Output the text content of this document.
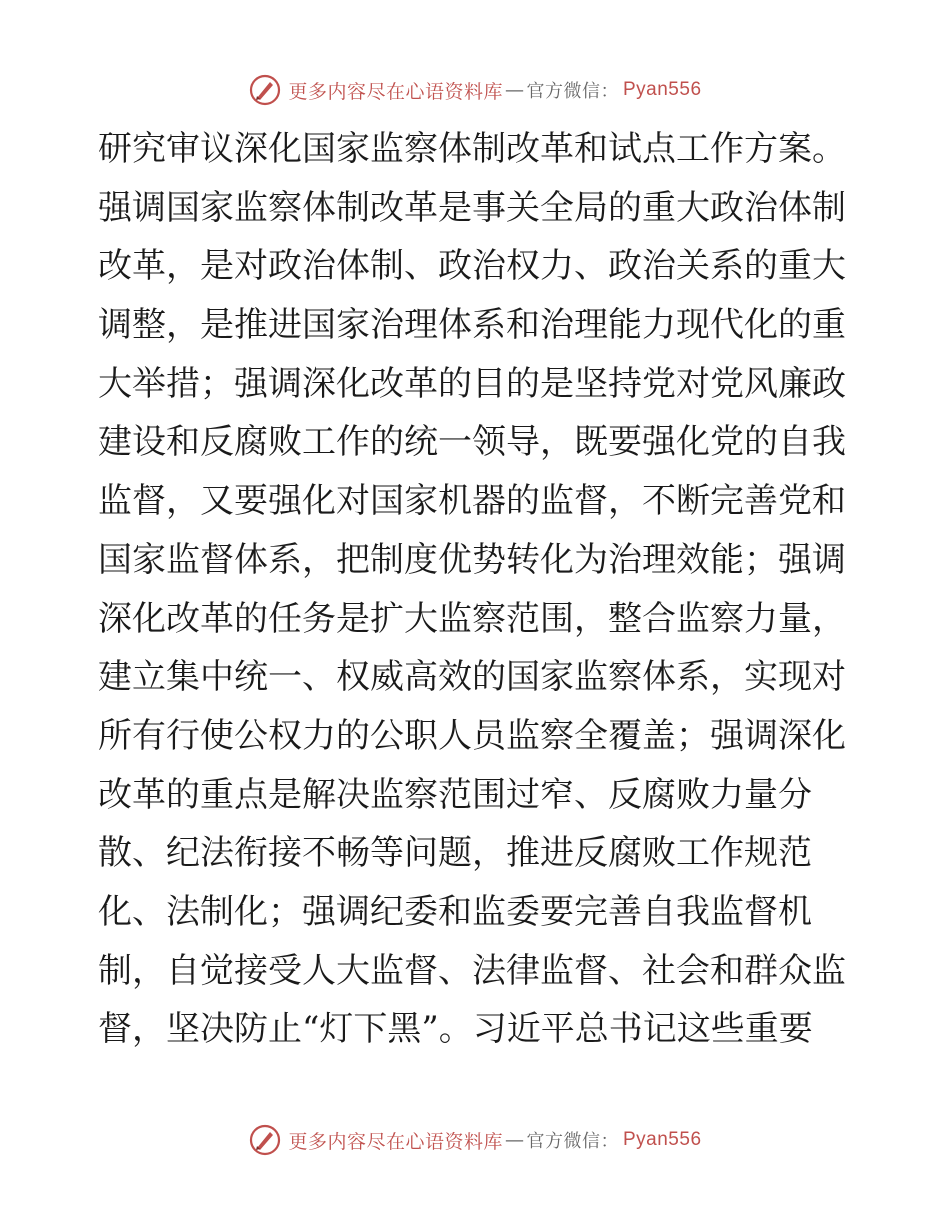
更多内容尽在心语资料库 — 官方微信： Pyan556
研究审议深化国家监察体制改革和试点工作方案。
强调国家监察体制改革是事关全局的重大政治体制
改革，是对政治体制、政治权力、政治关系的重大
调整，是推进国家治理体系和治理能力现代化的重
大举措；强调深化改革的目的是坚持党对党风廉政
建设和反腐败工作的统一领导，既要强化党的自我
监督，又要强化对国家机器的监督，不断完善党和
国家监督体系，把制度优势转化为治理效能；强调
深化改革的任务是扩大监察范围，整合监察力量，
建立集中统一、权威高效的国家监察体系，实现对
所有行使公权力的公职人员监察全覆盖；强调深化
改革的重点是解决监察范围过窄、反腐败力量分
散、纪法衔接不畅等问题，推进反腐败工作规范
化、法制化；强调纪委和监委要完善自我监督机
制，自觉接受人大监督、法律监督、社会和群众监
督，坚决防止“灯下黑”。习近平总书记这些重要
更多内容尽在心语资料库 — 官方微信： Pyan556
